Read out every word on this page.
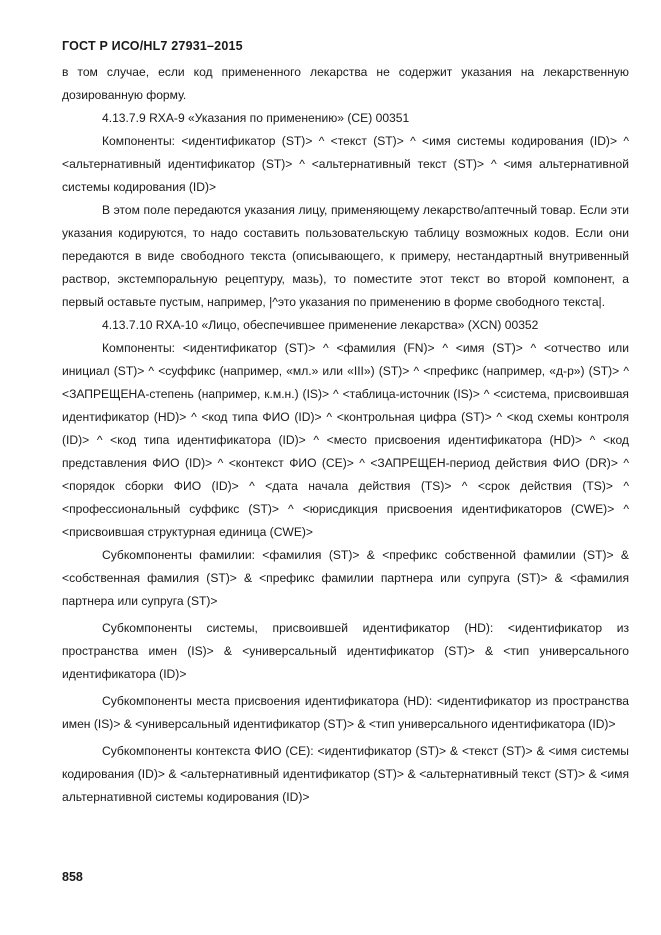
ГОСТ Р ИСО/HL7 27931–2015

в том случае, если код примененного лекарства не содержит указания на лекарственную дозированную форму.

4.13.7.9 RXA-9 «Указания по применению» (CE) 00351

Компоненты: <идентификатор (ST)> ^ <текст (ST)> ^ <имя системы кодирования (ID)> ^ <альтернативный идентификатор (ST)> ^ <альтернативный текст (ST)> ^ <имя альтернативной системы кодирования (ID)>

В этом поле передаются указания лицу, применяющему лекарство/аптечный товар. Если эти указания кодируются, то надо составить пользовательскую таблицу возможных кодов. Если они передаются в виде свободного текста (описывающего, к примеру, нестандартный внутривенный раствор, экстемпоральную рецептуру, мазь), то поместите этот текст во второй компонент, а первый оставьте пустым, например, |^это указания по применению в форме свободного текста|.

4.13.7.10 RXA-10 «Лицо, обеспечившее применение лекарства» (XCN) 00352

Компоненты: <идентификатор (ST)> ^ <фамилия (FN)> ^ <имя (ST)> ^ <отчество или инициал (ST)> ^ <суффикс (например, «мл.» или «III») (ST)> ^ <префикс (например, «д-р») (ST)> ^ <ЗАПРЕЩЕНА-степень (например, к.м.н.) (IS)> ^ <таблица-источник (IS)> ^ <система, присвоившая идентификатор (HD)> ^ <код типа ФИО (ID)> ^ <контрольная цифра (ST)> ^ <код схемы контроля (ID)> ^ <код типа идентификатора (ID)> ^ <место присвоения идентификатора (HD)> ^ <код представления ФИО (ID)> ^ <контекст ФИО (CE)> ^ <ЗАПРЕЩЕН-период действия ФИО (DR)> ^ <порядок сборки ФИО (ID)> ^ <дата начала действия (TS)> ^ <срок действия (TS)> ^ <профессиональный суффикс (ST)> ^ <юрисдикция присвоения идентификаторов (CWE)> ^ <присвоившая структурная единица (CWE)>

Субкомпоненты фамилии: <фамилия (ST)> & <префикс собственной фамилии (ST)> & <собственная фамилия (ST)> & <префикс фамилии партнера или супруга (ST)> & <фамилия партнера или супруга (ST)>

Субкомпоненты системы, присвоившей идентификатор (HD): <идентификатор из пространства имен (IS)> & <универсальный идентификатор (ST)> & <тип универсального идентификатора (ID)>

Субкомпоненты места присвоения идентификатора (HD): <идентификатор из пространства имен (IS)> & <универсальный идентификатор (ST)> & <тип универсального идентификатора (ID)>

Субкомпоненты контекста ФИО (CE): <идентификатор (ST)> & <текст (ST)> & <имя системы кодирования (ID)> & <альтернативный идентификатор (ST)> & <альтернативный текст (ST)> & <имя альтернативной системы кодирования (ID)>

858
